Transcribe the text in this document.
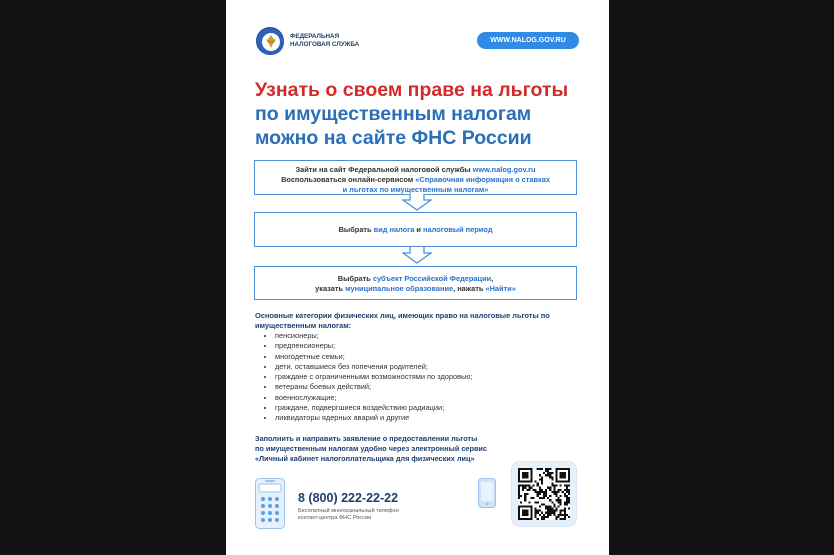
ФЕДЕРАЛЬНАЯ
НАЛОГОВАЯ СЛУЖБА
WWW.NALOG.GOV.RU
Узнать о своем праве на льготы
по имущественным налогам
можно на сайте ФНС России
Зайти на сайт Федеральной налоговой службы www.nalog.gov.ru
Воспользоваться онлайн-сервисом «Справочная информация о ставках
и льготах по имущественным налогам»
Выбрать вид налога и налоговый период
Выбрать субъект Российской Федерации,
указать муниципальное образование, нажать «Найти»
Основные категории физических лиц, имеющих право на налоговые льготы по имущественным налогам:
• пенсионеры;
• предпенсионеры;
• многодетные семьи;
• дети, оставшиеся без попечения родителей;
• граждане с ограниченными возможностями по здоровью;
• ветераны боевых действий;
• военнослужащие;
• граждане, подвергшиеся воздействию радиации;
• ликвидаторы ядерных аварий и другие
Заполнить и направить заявление о предоставлении льготы
по имущественным налогам удобно через электронный сервис
«Личный кабинет налогоплательщика для физических лиц»
8 (800) 222-22-22
Бесплатный многоканальный телефон
контакт-центра ФНС России
